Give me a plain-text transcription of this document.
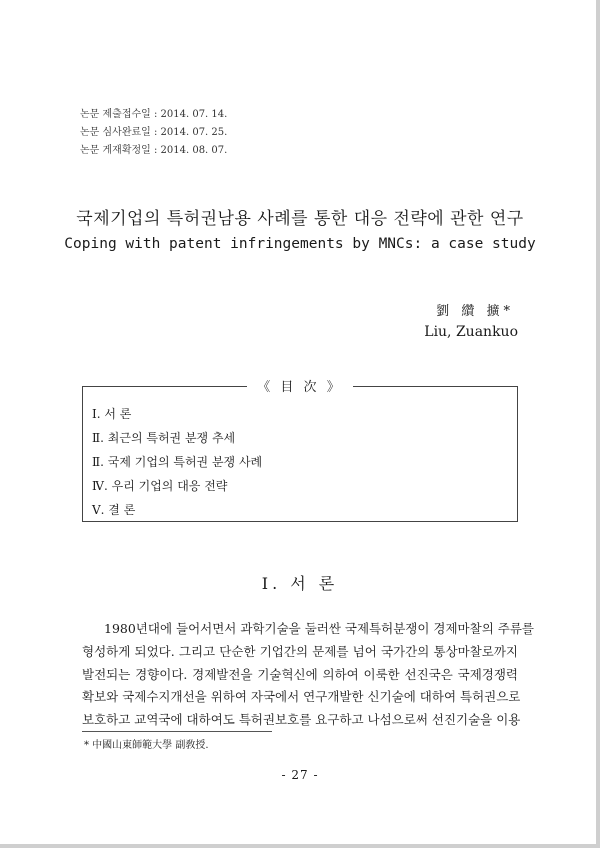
논문 제출접수일 : 2014. 07. 14.
논문 심사완료일 : 2014. 07. 25.
논문 게재확정일 : 2014. 08. 07.
국제기업의 특허권남용 사례를 통한 대응 전략에 관한 연구
Coping with patent infringements by MNCs: a case study
劉 纘 擴*
Liu, Zuankuo
《 目 次 》
Ⅰ. 서 론
Ⅱ. 최근의 특허권 분쟁 추세
Ⅱ. 국제 기업의 특허권 분쟁 사례
Ⅳ. 우리 기업의 대응 전략
Ⅴ. 결 론
Ⅰ. 서 론
1980년대에 들어서면서 과학기술을 둘러싼 국제특허분쟁이 경제마찰의 주류를
형성하게 되었다. 그리고 단순한 기업간의 문제를 넘어 국가간의 통상마찰로까지
발전되는 경향이다. 경제발전을 기술혁신에 의하여 이룩한 선진국은 국제경쟁력
확보와 국제수지개선을 위하여 자국에서 연구개발한 신기술에 대하여 특허권으로
보호하고 교역국에 대하여도 특허권보호를 요구하고 나섬으로써 선진기술을 이용
* 中國山東師範大學 副敎授.
- 27 -
